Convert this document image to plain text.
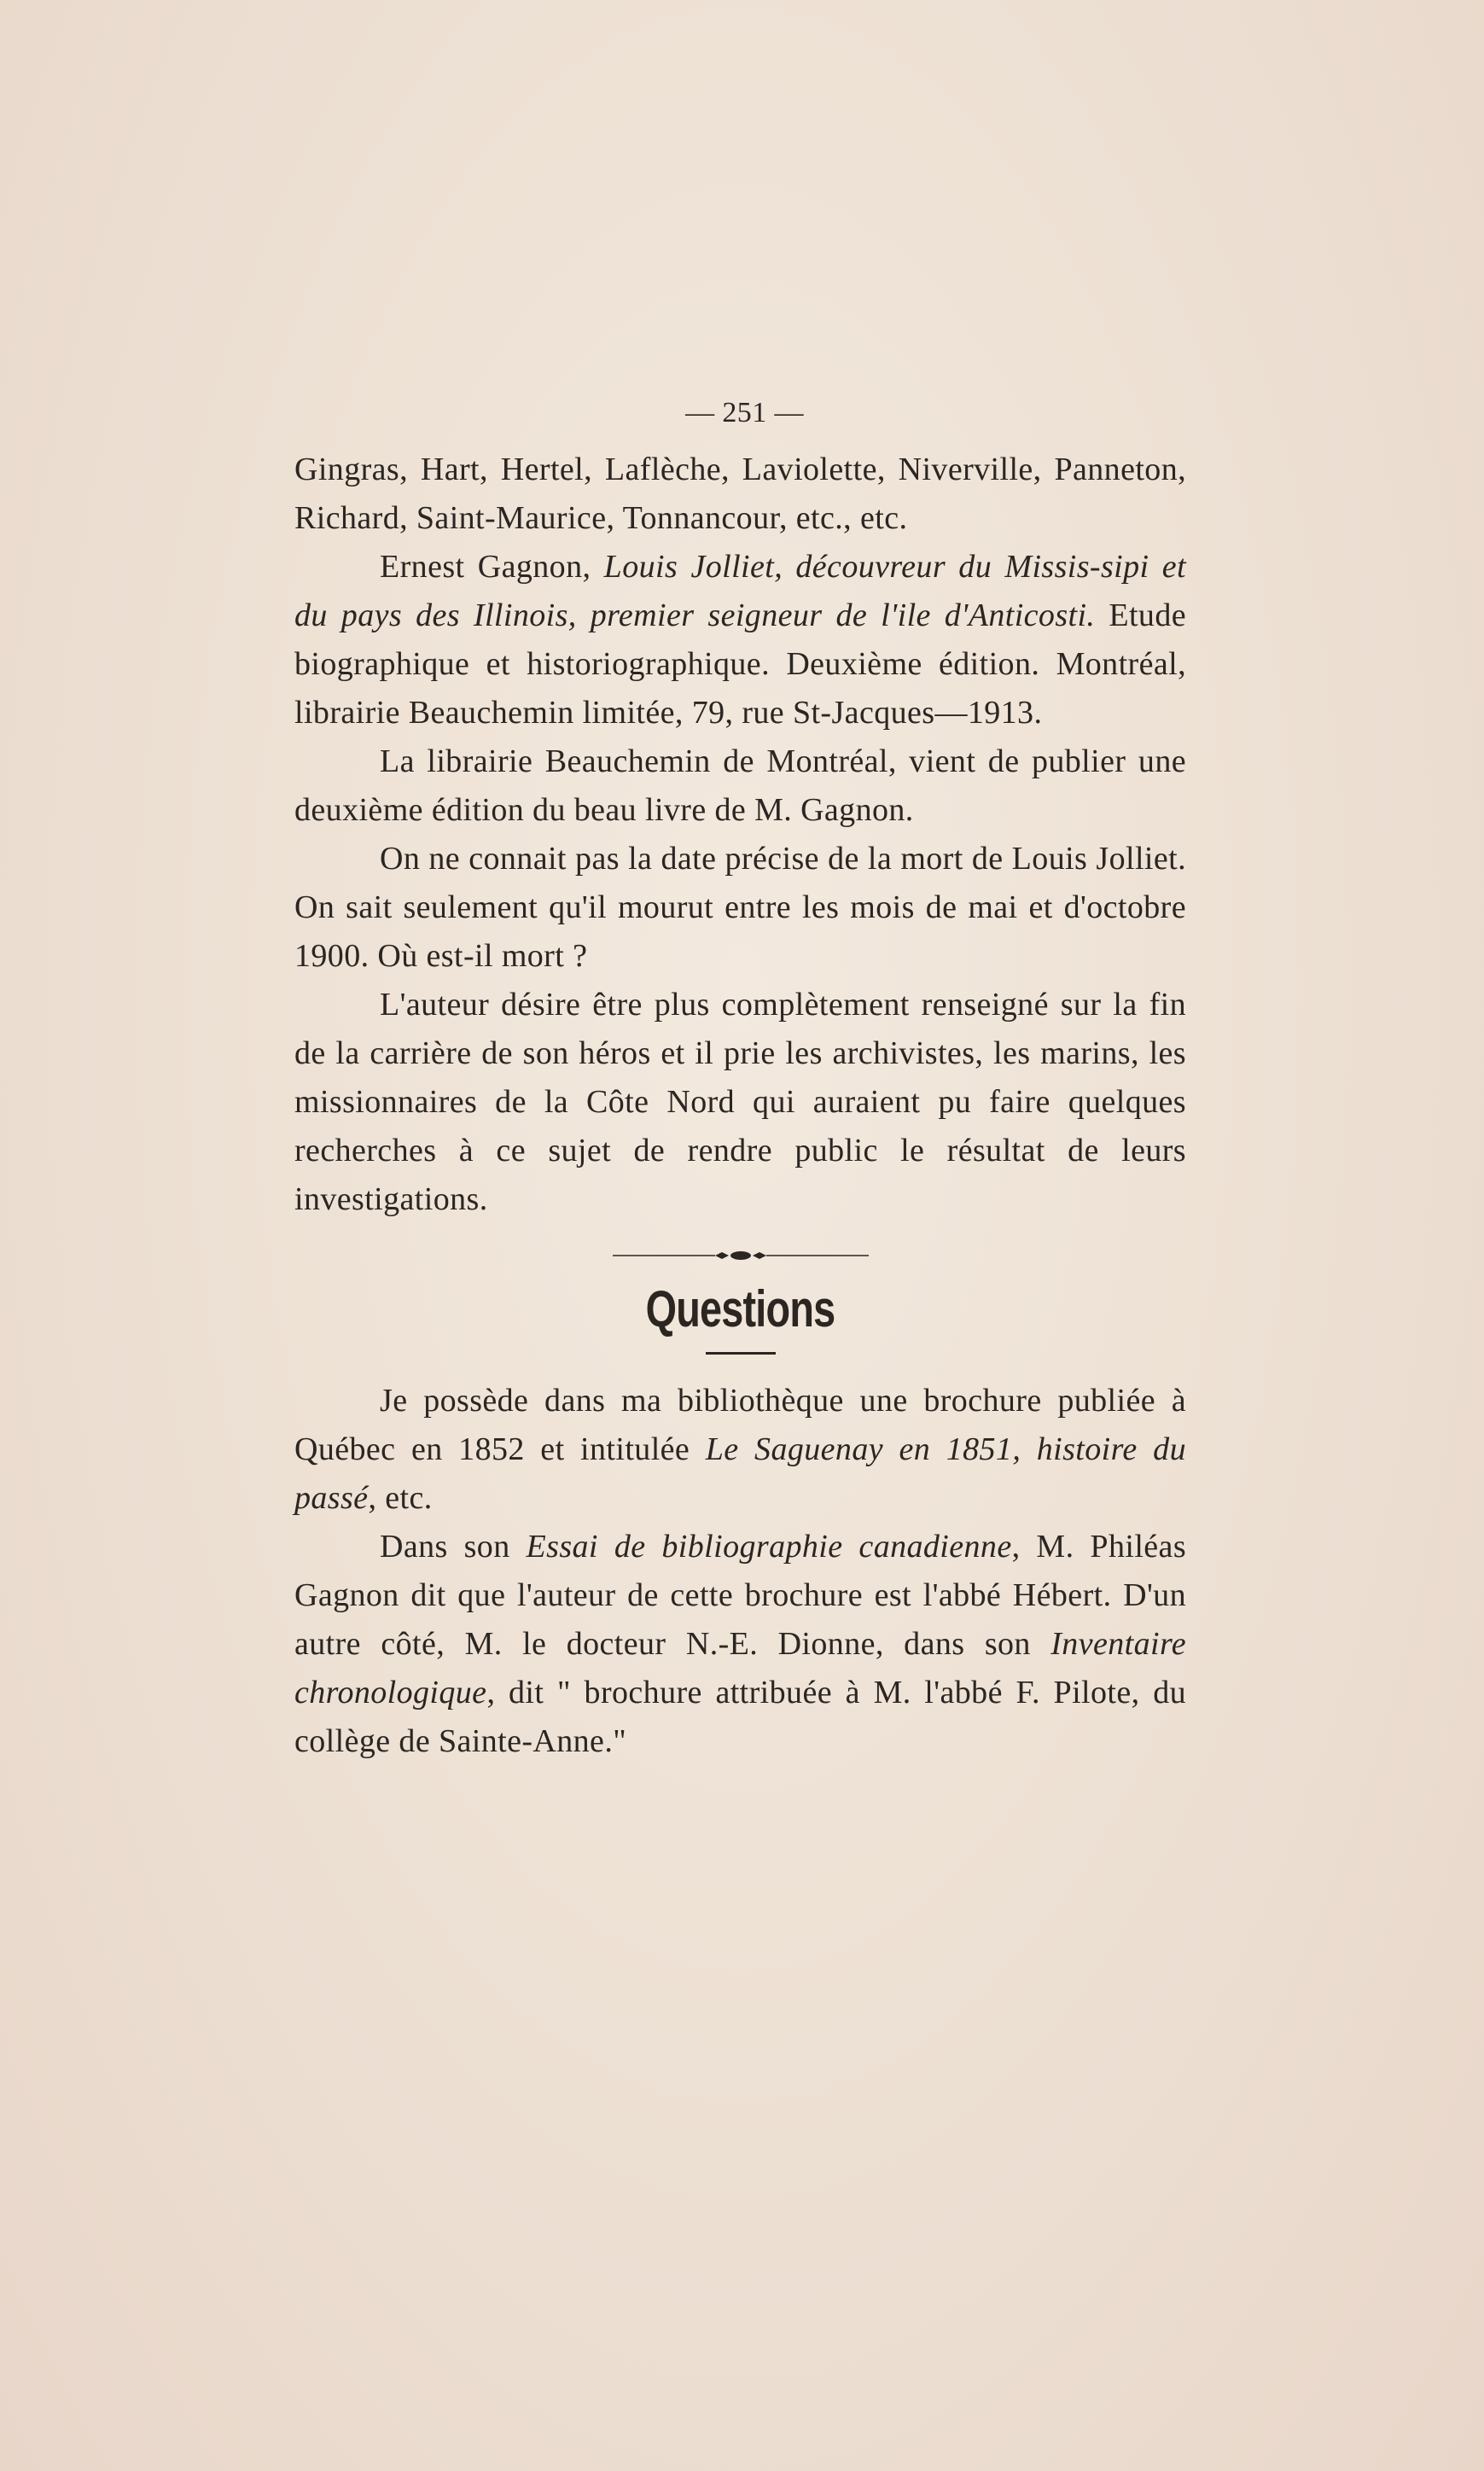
— 251 —

Gingras, Hart, Hertel, Laflèche, Laviolette, Niverville, Panneton, Richard, Saint-Maurice, Tonnancour, etc., etc.

Ernest Gagnon, Louis Jolliet, découvreur du Missis-sipi et du pays des Illinois, premier seigneur de l'ile d'Anticosti. Etude biographique et historiographique. Deuxième édition. Montréal, librairie Beauchemin limitée, 79, rue St-Jacques—1913.

La librairie Beauchemin de Montréal, vient de publier une deuxième édition du beau livre de M. Gagnon.

On ne connait pas la date précise de la mort de Louis Jolliet. On sait seulement qu'il mourut entre les mois de mai et d'octobre 1900. Où est-il mort ?

L'auteur désire être plus complètement renseigné sur la fin de la carrière de son héros et il prie les archivistes, les marins, les missionnaires de la Côte Nord qui auraient pu faire quelques recherches à ce sujet de rendre public le résultat de leurs investigations.

Questions

Je possède dans ma bibliothèque une brochure publiée à Québec en 1852 et intitulée Le Saguenay en 1851, histoire du passé, etc.

Dans son Essai de bibliographie canadienne, M. Philéas Gagnon dit que l'auteur de cette brochure est l'abbé Hébert. D'un autre côté, M. le docteur N.-E. Dionne, dans son Inventaire chronologique, dit " brochure attribuée à M. l'abbé F. Pilote, du collège de Sainte-Anne."
